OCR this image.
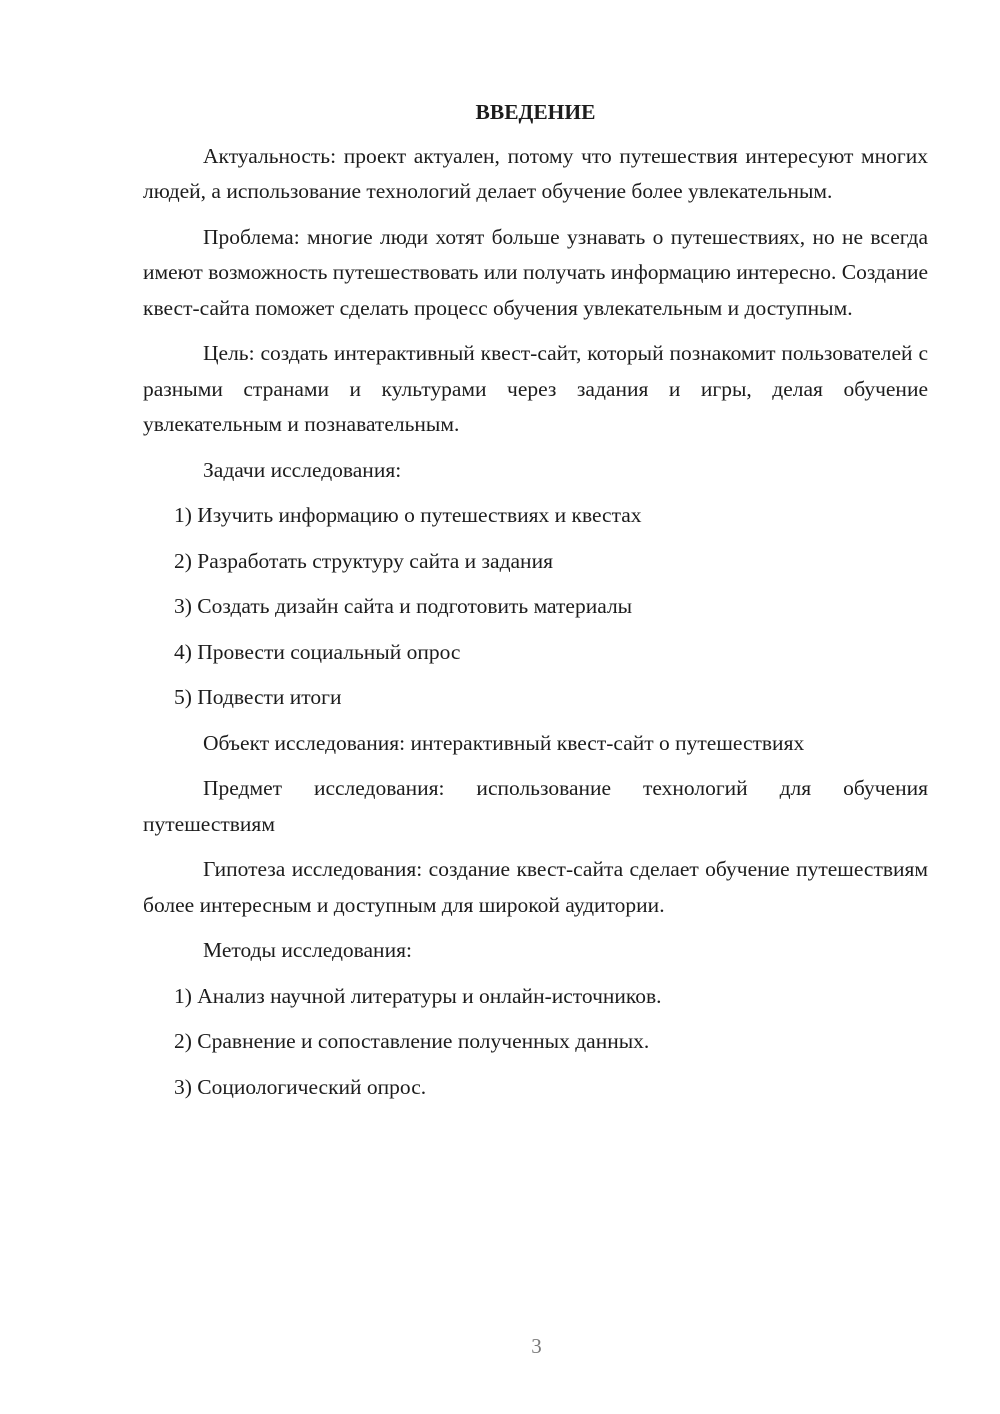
ВВЕДЕНИЕ
Актуальность: проект актуален, потому что путешествия интересуют многих людей, а использование технологий делает обучение более увлекательным.
Проблема: многие люди хотят больше узнавать о путешествиях, но не всегда имеют возможность путешествовать или получать информацию интересно. Создание квест-сайта поможет сделать процесс обучения увлекательным и доступным.
Цель: создать интерактивный квест-сайт, который познакомит пользователей с разными странами и культурами через задания и игры, делая обучение увлекательным и познавательным.
Задачи исследования:
1) Изучить информацию о путешествиях и квестах
2) Разработать структуру сайта и задания
3) Создать дизайн сайта и подготовить материалы
4) Провести социальный опрос
5) Подвести итоги
Объект исследования: интерактивный квест-сайт о путешествиях
Предмет исследования: использование технологий для обучения путешествиям
Гипотеза исследования: создание квест-сайта сделает обучение путешествиям более интересным и доступным для широкой аудитории.
Методы исследования:
1) Анализ научной литературы и онлайн-источников.
2) Сравнение и сопоставление полученных данных.
3) Социологический опрос.
3
